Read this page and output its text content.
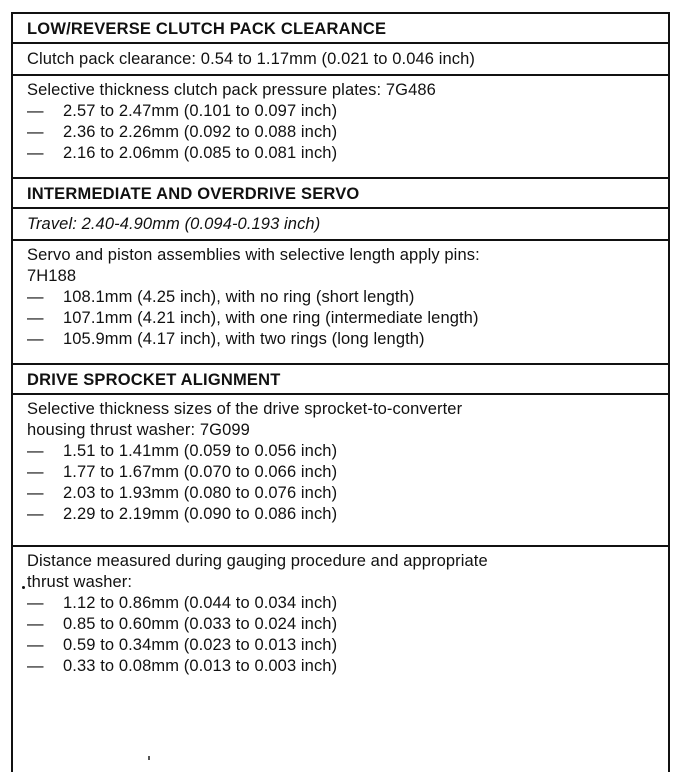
LOW/REVERSE CLUTCH PACK CLEARANCE
Clutch pack clearance: 0.54 to 1.17mm (0.021 to 0.046 inch)
Selective thickness clutch pack pressure plates: 7G486
— 2.57 to 2.47mm (0.101 to 0.097 inch)
— 2.36 to 2.26mm (0.092 to 0.088 inch)
— 2.16 to 2.06mm (0.085 to 0.081 inch)
INTERMEDIATE AND OVERDRIVE SERVO
Travel: 2.40-4.90mm (0.094-0.193 inch)
Servo and piston assemblies with selective length apply pins:
7H188
— 108.1mm (4.25 inch), with no ring (short length)
— 107.1mm (4.21 inch), with one ring (intermediate length)
— 105.9mm (4.17 inch), with two rings (long length)
DRIVE SPROCKET ALIGNMENT
Selective thickness sizes of the drive sprocket-to-converter
housing thrust washer: 7G099
— 1.51 to 1.41mm (0.059 to 0.056 inch)
— 1.77 to 1.67mm (0.070 to 0.066 inch)
— 2.03 to 1.93mm (0.080 to 0.076 inch)
— 2.29 to 2.19mm (0.090 to 0.086 inch)
Distance measured during gauging procedure and appropriate
thrust washer:
— 1.12 to 0.86mm (0.044 to 0.034 inch)
— 0.85 to 0.60mm (0.033 to 0.024 inch)
— 0.59 to 0.34mm (0.023 to 0.013 inch)
— 0.33 to 0.08mm (0.013 to 0.003 inch)
